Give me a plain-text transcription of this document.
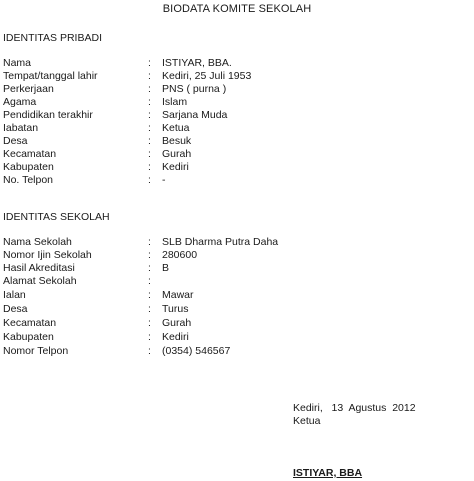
BIODATA KOMITE SEKOLAH
IDENTITAS PRIBADI
Nama	: ISTIYAR, BBA.
Tempat/tanggal lahir	: Kediri, 25 Juli 1953
Perkerjaan	: PNS ( purna )
Agama	: Islam
Pendidikan terakhir	: Sarjana Muda
Iabatan	: Ketua
Desa	: Besuk
Kecamatan	: Gurah
Kabupaten	: Kediri
No. Telpon	: -
IDENTITAS SEKOLAH
Nama Sekolah	: SLB Dharma Putra Daha
Nomor Ijin Sekolah	: 280600
Hasil Akreditasi	: B
Alamat Sekolah	:
Ialan	: Mawar
Desa	: Turus
Kecamatan	: Gurah
Kabupaten	: Kediri
Nomor Telpon	: (0354) 546567
Kediri,   13  Agustus  2012
Ketua
ISTIYAR, BBA
